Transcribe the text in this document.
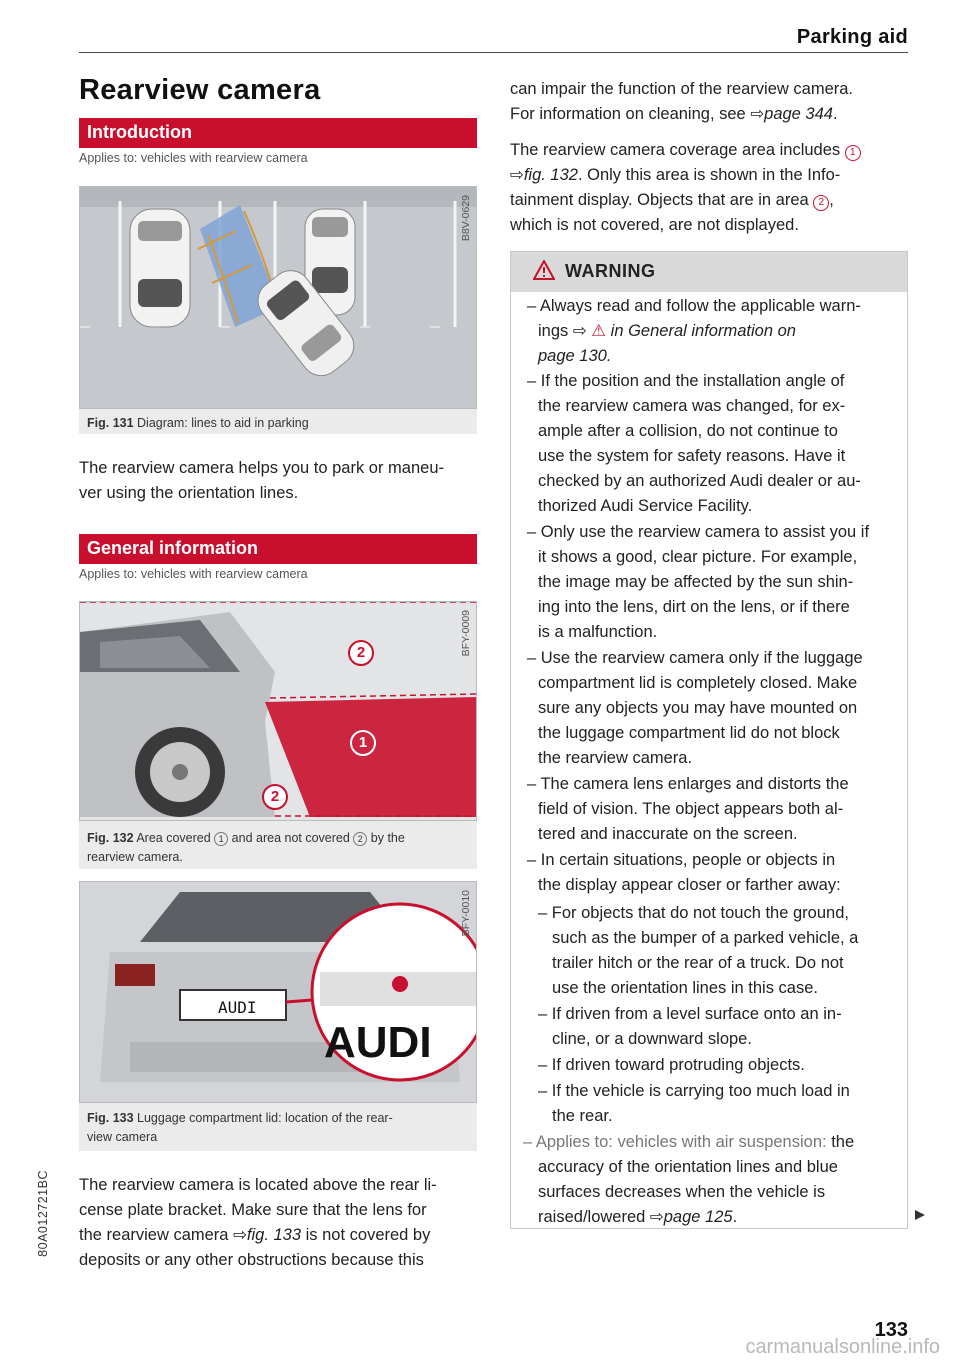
Parking aid
Rearview camera
Introduction
Applies to: vehicles with rearview camera
B8V-0629
Fig. 131 Diagram: lines to aid in parking
The rearview camera helps you to park or maneu-
ver using the orientation lines.
General information
Applies to: vehicles with rearview camera
2
1
2
BFY-0009
Fig. 132 Area covered 1 and area not covered 2 by the
rearview camera.
AUDI
AUDI
BFY-0010
Fig. 133 Luggage compartment lid: location of the rear-
view camera
The rearview camera is located above the rear li-
cense plate bracket. Make sure that the lens for
the rearview camera ⇨fig. 133 is not covered by
deposits or any other obstructions because this
can impair the function of the rearview camera.
For information on cleaning, see ⇨page 344.
The rearview camera coverage area includes 1
⇨fig. 132. Only this area is shown in the Info-
tainment display. Objects that are in area 2 ,
which is not covered, are not displayed.
WARNING
– Always read and follow the applicable warn-
ings ⇨ ⚠ in General information on
page 130.
– If the position and the installation angle of
the rearview camera was changed, for ex-
ample after a collision, do not continue to
use the system for safety reasons. Have it
checked by an authorized Audi dealer or au-
thorized Audi Service Facility.
– Only use the rearview camera to assist you if
it shows a good, clear picture. For example,
the image may be affected by the sun shin-
ing into the lens, dirt on the lens, or if there
is a malfunction.
– Use the rearview camera only if the luggage
compartment lid is completely closed. Make
sure any objects you may have mounted on
the luggage compartment lid do not block
the rearview camera.
– The camera lens enlarges and distorts the
field of vision. The object appears both al-
tered and inaccurate on the screen.
– In certain situations, people or objects in
the display appear closer or farther away:
– For objects that do not touch the ground,
such as the bumper of a parked vehicle, a
trailer hitch or the rear of a truck. Do not
use the orientation lines in this case.
– If driven from a level surface onto an in-
cline, or a downward slope.
– If driven toward protruding objects.
– If the vehicle is carrying too much load in
the rear.
– Applies to: vehicles with air suspension: the
accuracy of the orientation lines and blue
surfaces decreases when the vehicle is
raised/lowered ⇨page 125.
80A012721BC
133
carmanualsonline.info
